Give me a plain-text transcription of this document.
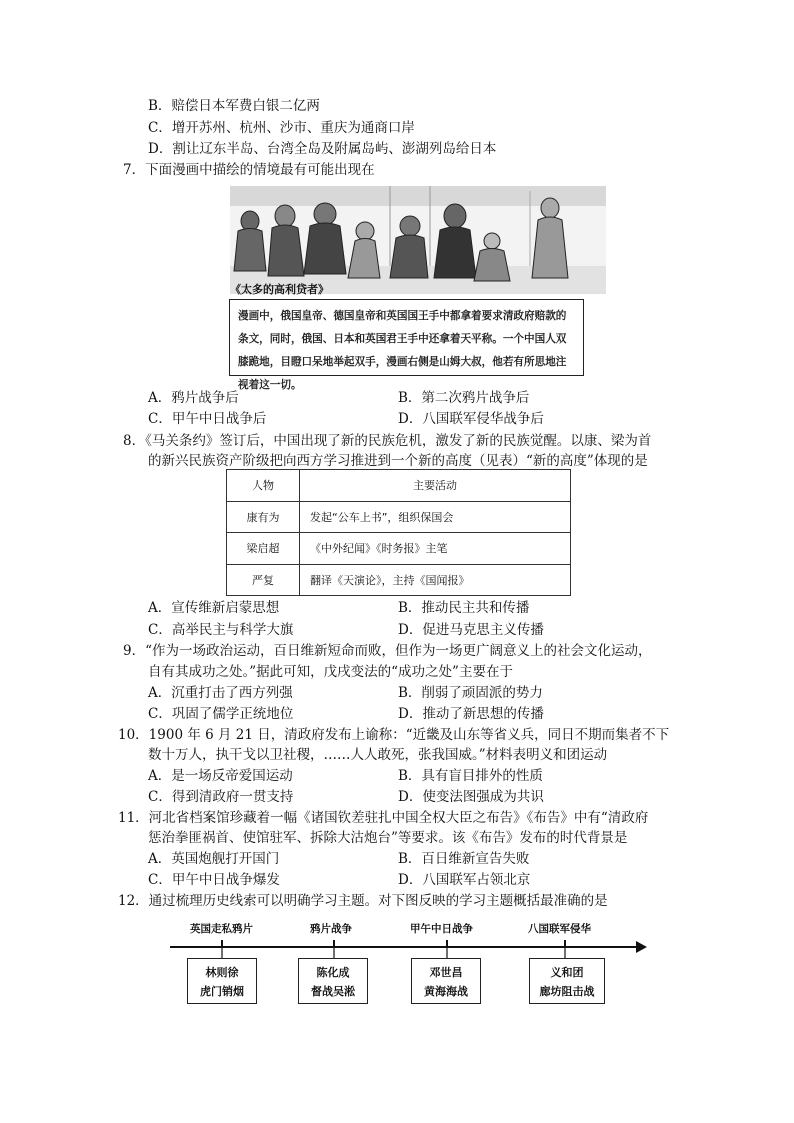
B．赔偿日本军费白银二亿两
C．增开苏州、杭州、沙市、重庆为通商口岸
D．割让辽东半岛、台湾全岛及附属岛屿、澎湖列岛给日本
7．下面漫画中描绘的情境最有可能出现在
《太多的高利贷者》
漫画中，俄国皇帝、德国皇帝和英国国王手中都拿着要求清政府赔款的条文，同时，俄国、日本和英国君王手中还拿着天平称。一个中国人双膝跪地，目瞪口呆地举起双手，漫画右侧是山姆大叔，他若有所思地注视着这一切。
A．鸦片战争后	B．第二次鸦片战争后
C．甲午中日战争后	D．八国联军侵华战争后
8．《马关条约》签订后，中国出现了新的民族危机，激发了新的民族觉醒。以康、梁为首
的新兴民族资产阶级把向西方学习推进到一个新的高度（见表）“新的高度”体现的是
人物	主要活动
康有为	发起“公车上书”，组织保国会
梁启超	《中外纪闻》《时务报》主笔
严复	翻译《天演论》，主持《国闻报》
A．宣传维新启蒙思想	B．推动民主共和传播
C．高举民主与科学大旗	D．促进马克思主义传播
9．“作为一场政治运动，百日维新短命而败，但作为一场更广阔意义上的社会文化运动，
自有其成功之处。”据此可知，戊戌变法的“成功之处”主要在于
A．沉重打击了西方列强	B．削弱了顽固派的势力
C．巩固了儒学正统地位	D．推动了新思想的传播
10．1900 年 6 月 21 日，清政府发布上谕称：“近畿及山东等省义兵，同日不期而集者不下
数十万人，执干戈以卫社稷，……人人敢死，张我国威。”材料表明义和团运动
A．是一场反帝爱国运动	B．具有盲目排外的性质
C．得到清政府一贯支持	D．使变法图强成为共识
11．河北省档案馆珍藏着一幅《诸国钦差驻扎中国全权大臣之布告》《布告》中有“清政府
惩治拳匪祸首、使馆驻军、拆除大沽炮台”等要求。该《布告》发布的时代背景是
A．英国炮舰打开国门	B．百日维新宣告失败
C．甲午中日战争爆发	D．八国联军占领北京
12．通过梳理历史线索可以明确学习主题。对下图反映的学习主题概括最准确的是
英国走私鸦片	鸦片战争	甲午中日战争	八国联军侵华
林则徐
虎门销烟
陈化成
督战吴淞
邓世昌
黄海海战
义和团
廊坊阻击战
